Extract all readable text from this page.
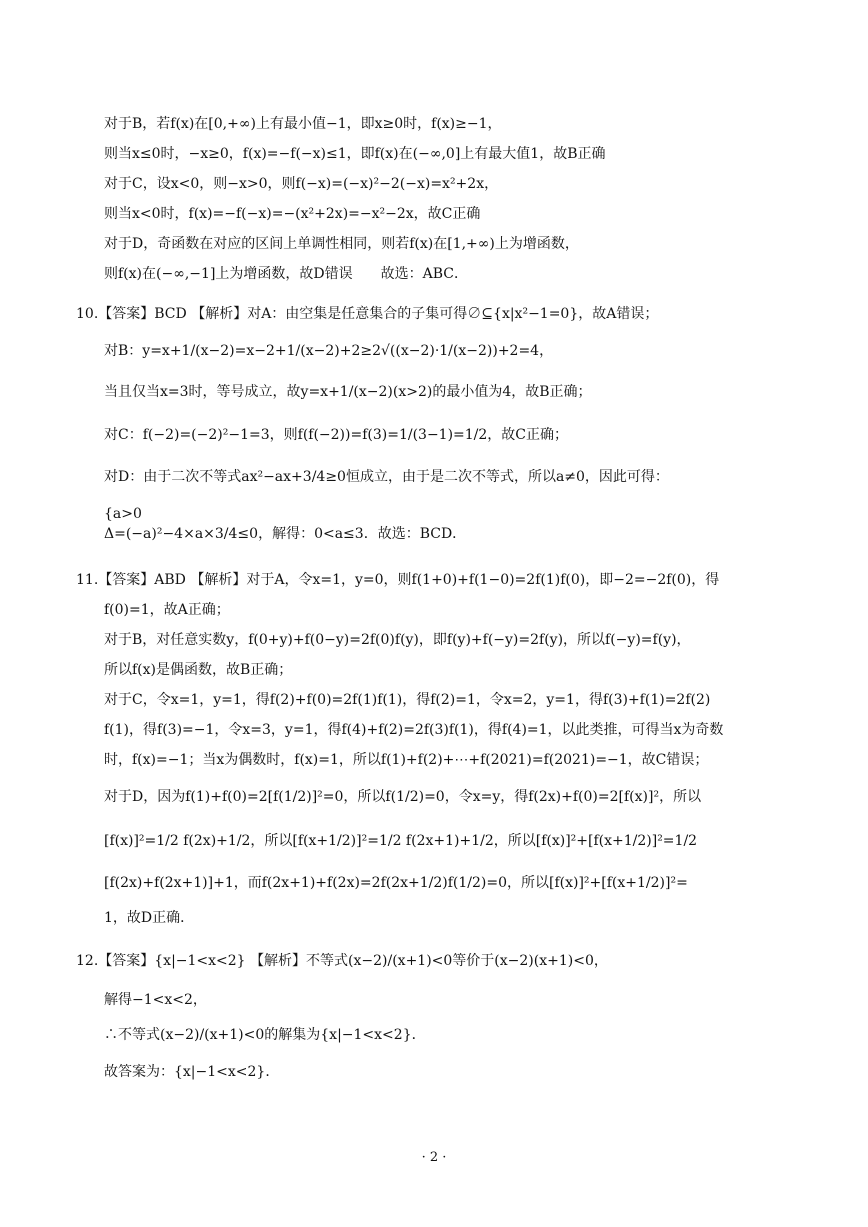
对于B，若f(x)在[0,+∞)上有最小值−1，即x≥0时，f(x)≥−1，
则当x≤0时，−x≥0，f(x)=−f(−x)≤1，即f(x)在(−∞,0]上有最大值1，故B正确
对于C，设x<0，则−x>0，则f(−x)=(−x)²−2(−x)=x²+2x，
则当x<0时，f(x)=−f(−x)=−(x²+2x)=−x²−2x，故C正确
对于D，奇函数在对应的区间上单调性相同，则若f(x)在[1,+∞)上为增函数，
则f(x)在(−∞,−1]上为增函数，故D错误　　故选：ABC．
10.【答案】BCD 【解析】对A：由空集是任意集合的子集可得∅⊆{x|x²−1=0}，故A错误；
对B：y=x+1/(x−2)=x−2+1/(x−2)+2≥2√((x−2)·1/(x−2))+2=4，
当且仅当x=3时，等号成立，故y=x+1/(x−2)(x>2)的最小值为4，故B正确；
对C：f(−2)=(−2)²−1=3，则f(f(−2))=f(3)=1/(3−1)=1/2，故C正确；
对D：由于二次不等式ax²−ax+3/4≥0恒成立，由于是二次不等式，所以a≠0，因此可得：
{a>0
Δ=(−a)²−4×a×3/4≤0，解得：0<a≤3．故选：BCD．
11.【答案】ABD 【解析】对于A，令x=1，y=0，则f(1+0)+f(1−0)=2f(1)f(0)，即−2=−2f(0)，得
f(0)=1，故A正确；
对于B，对任意实数y，f(0+y)+f(0−y)=2f(0)f(y)，即f(y)+f(−y)=2f(y)，所以f(−y)=f(y)，
所以f(x)是偶函数，故B正确；
对于C，令x=1，y=1，得f(2)+f(0)=2f(1)f(1)，得f(2)=1，令x=2，y=1，得f(3)+f(1)=2f(2)
f(1)，得f(3)=−1，令x=3，y=1，得f(4)+f(2)=2f(3)f(1)，得f(4)=1，以此类推，可得当x为奇数
时，f(x)=−1；当x为偶数时，f(x)=1，所以f(1)+f(2)+⋯+f(2021)=f(2021)=−1，故C错误；
对于D，因为f(1)+f(0)=2[f(1/2)]²=0，所以f(1/2)=0，令x=y，得f(2x)+f(0)=2[f(x)]²，所以
[f(x)]²=1/2 f(2x)+1/2，所以[f(x+1/2)]²=1/2 f(2x+1)+1/2，所以[f(x)]²+[f(x+1/2)]²=1/2
[f(2x)+f(2x+1)]+1，而f(2x+1)+f(2x)=2f(2x+1/2)f(1/2)=0，所以[f(x)]²+[f(x+1/2)]²=
1，故D正确．
12.【答案】{x|−1<x<2} 【解析】不等式(x−2)/(x+1)<0等价于(x−2)(x+1)<0，
解得−1<x<2，
∴不等式(x−2)/(x+1)<0的解集为{x|−1<x<2}．
故答案为：{x|−1<x<2}．
· 2 ·
